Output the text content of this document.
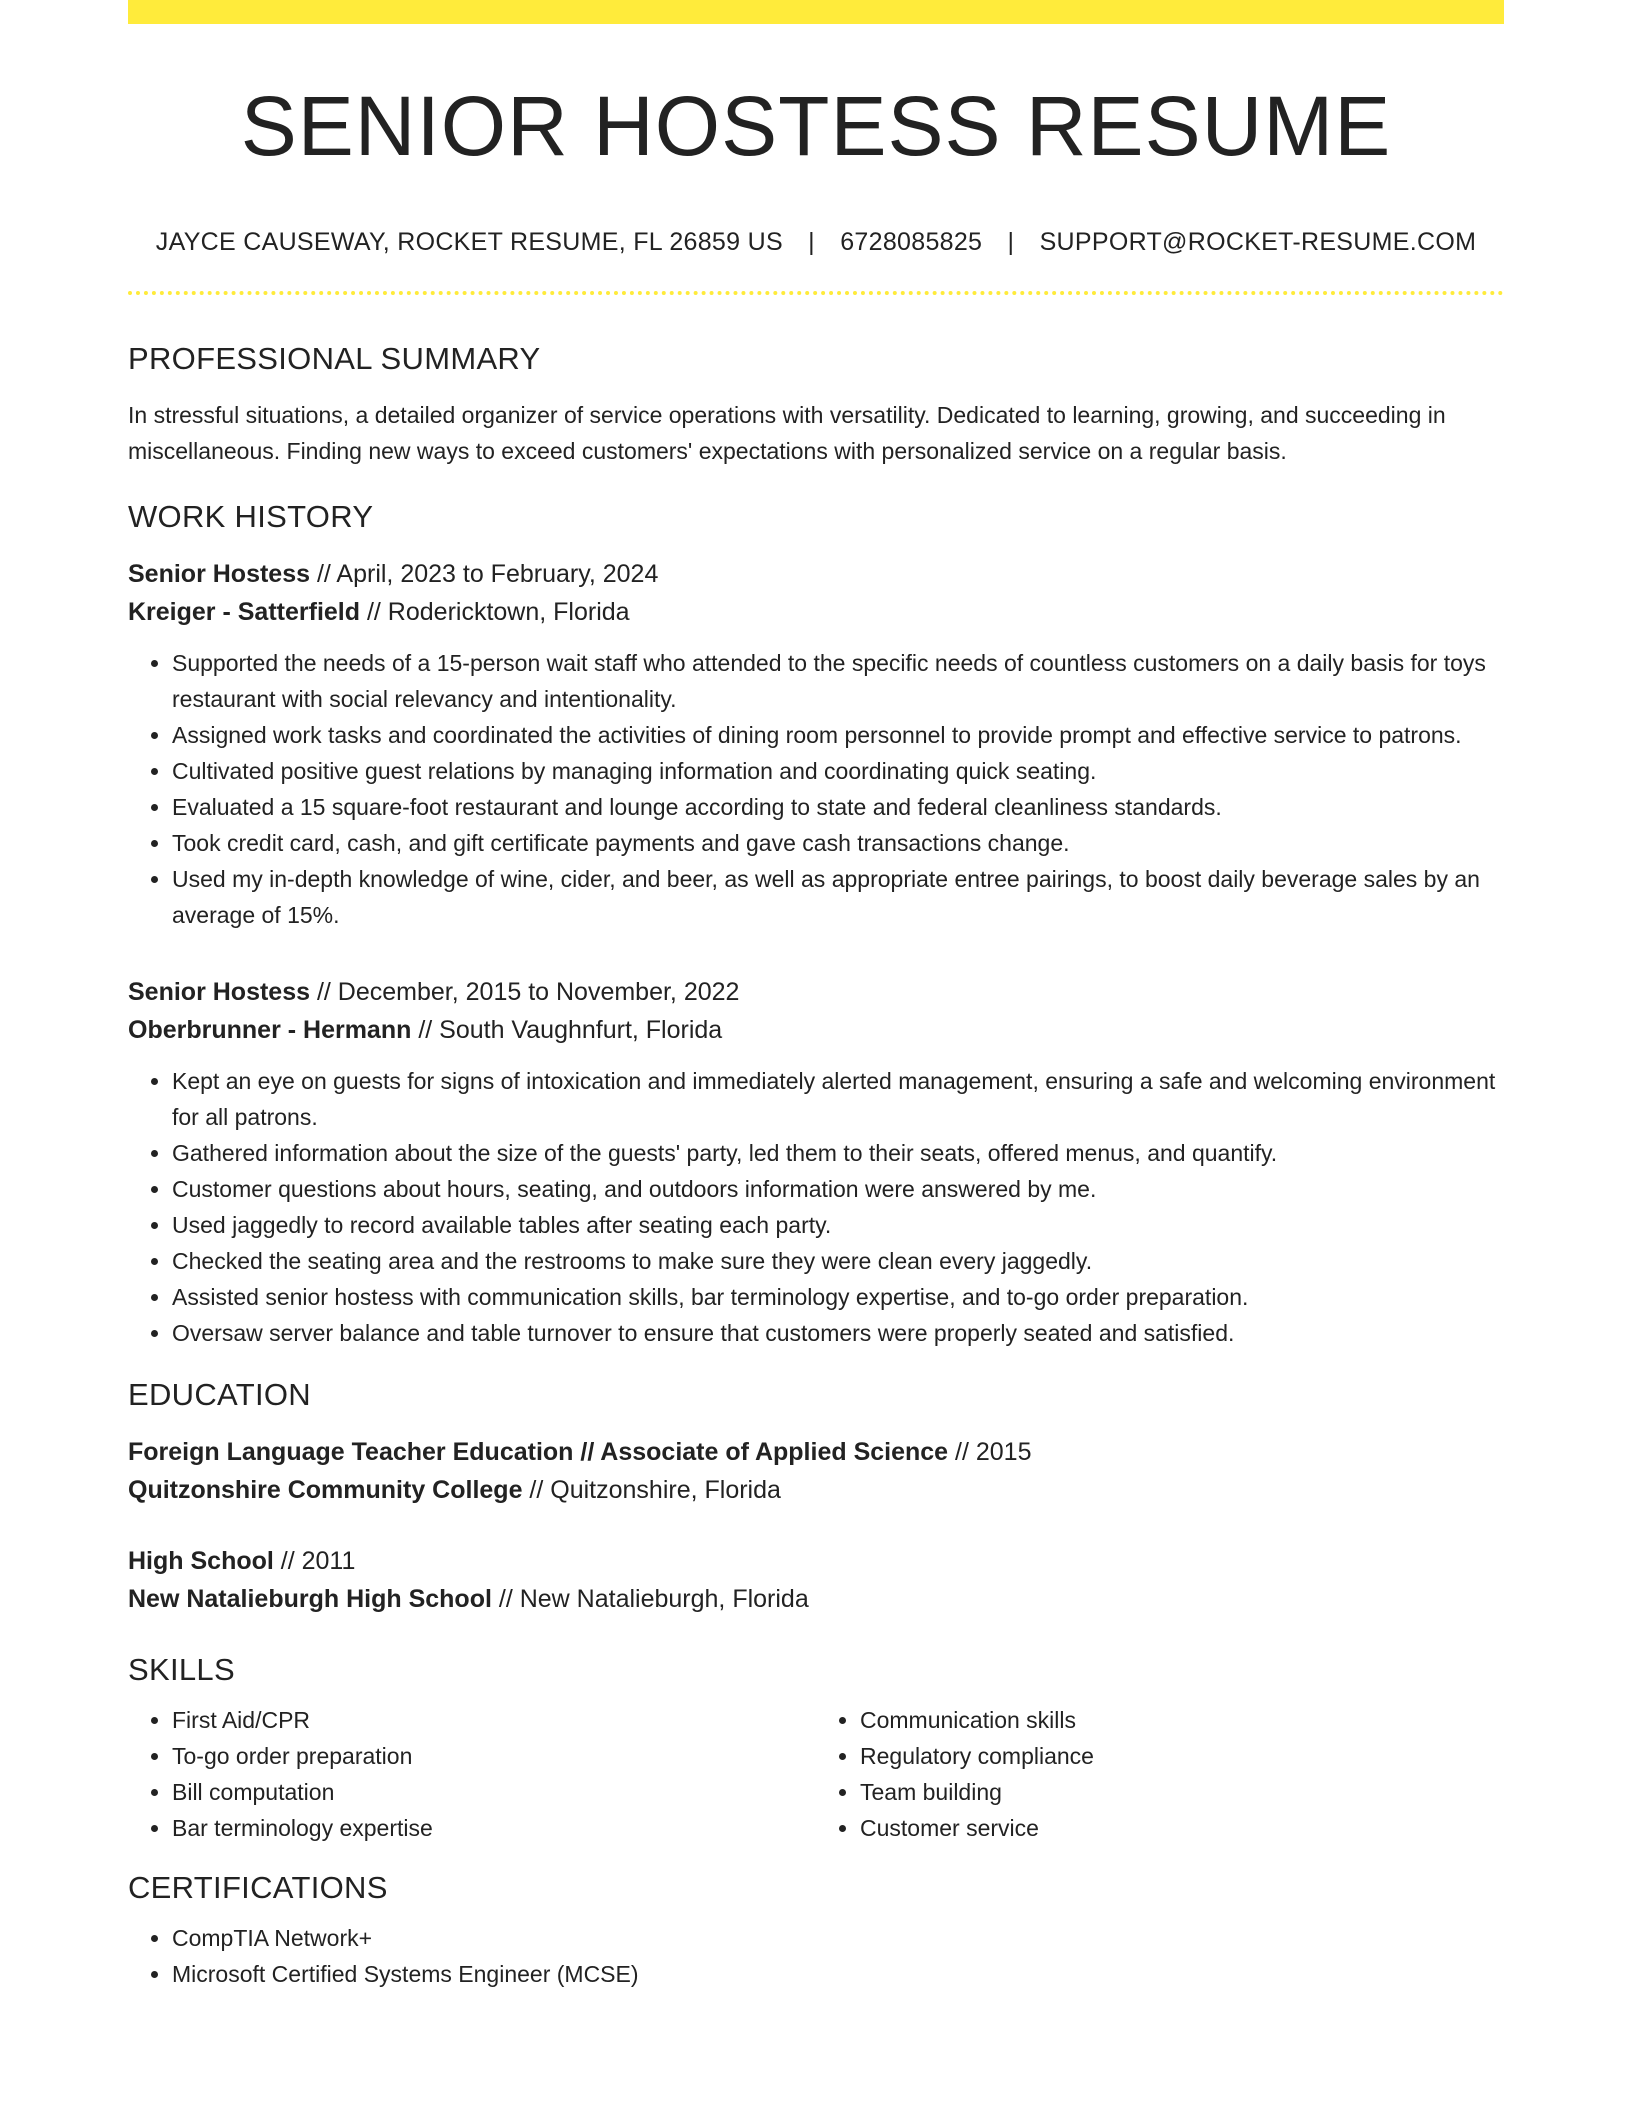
SENIOR HOSTESS RESUME
JAYCE CAUSEWAY, ROCKET RESUME, FL 26859 US | 6728085825 | SUPPORT@ROCKET-RESUME.COM
PROFESSIONAL SUMMARY
In stressful situations, a detailed organizer of service operations with versatility. Dedicated to learning, growing, and succeeding in miscellaneous. Finding new ways to exceed customers' expectations with personalized service on a regular basis.
WORK HISTORY
Senior Hostess // April, 2023 to February, 2024
Kreiger - Satterfield // Rodericktown, Florida
• Supported the needs of a 15-person wait staff who attended to the specific needs of countless customers on a daily basis for toys restaurant with social relevancy and intentionality.
• Assigned work tasks and coordinated the activities of dining room personnel to provide prompt and effective service to patrons.
• Cultivated positive guest relations by managing information and coordinating quick seating.
• Evaluated a 15 square-foot restaurant and lounge according to state and federal cleanliness standards.
• Took credit card, cash, and gift certificate payments and gave cash transactions change.
• Used my in-depth knowledge of wine, cider, and beer, as well as appropriate entree pairings, to boost daily beverage sales by an average of 15%.
Senior Hostess // December, 2015 to November, 2022
Oberbrunner - Hermann // South Vaughnfurt, Florida
• Kept an eye on guests for signs of intoxication and immediately alerted management, ensuring a safe and welcoming environment for all patrons.
• Gathered information about the size of the guests' party, led them to their seats, offered menus, and quantify.
• Customer questions about hours, seating, and outdoors information were answered by me.
• Used jaggedly to record available tables after seating each party.
• Checked the seating area and the restrooms to make sure they were clean every jaggedly.
• Assisted senior hostess with communication skills, bar terminology expertise, and to-go order preparation.
• Oversaw server balance and table turnover to ensure that customers were properly seated and satisfied.
EDUCATION
Foreign Language Teacher Education // Associate of Applied Science // 2015
Quitzonshire Community College // Quitzonshire, Florida
High School // 2011
New Natalieburgh High School // New Natalieburgh, Florida
SKILLS
• First Aid/CPR
• To-go order preparation
• Bill computation
• Bar terminology expertise
• Communication skills
• Regulatory compliance
• Team building
• Customer service
CERTIFICATIONS
• CompTIA Network+
• Microsoft Certified Systems Engineer (MCSE)
